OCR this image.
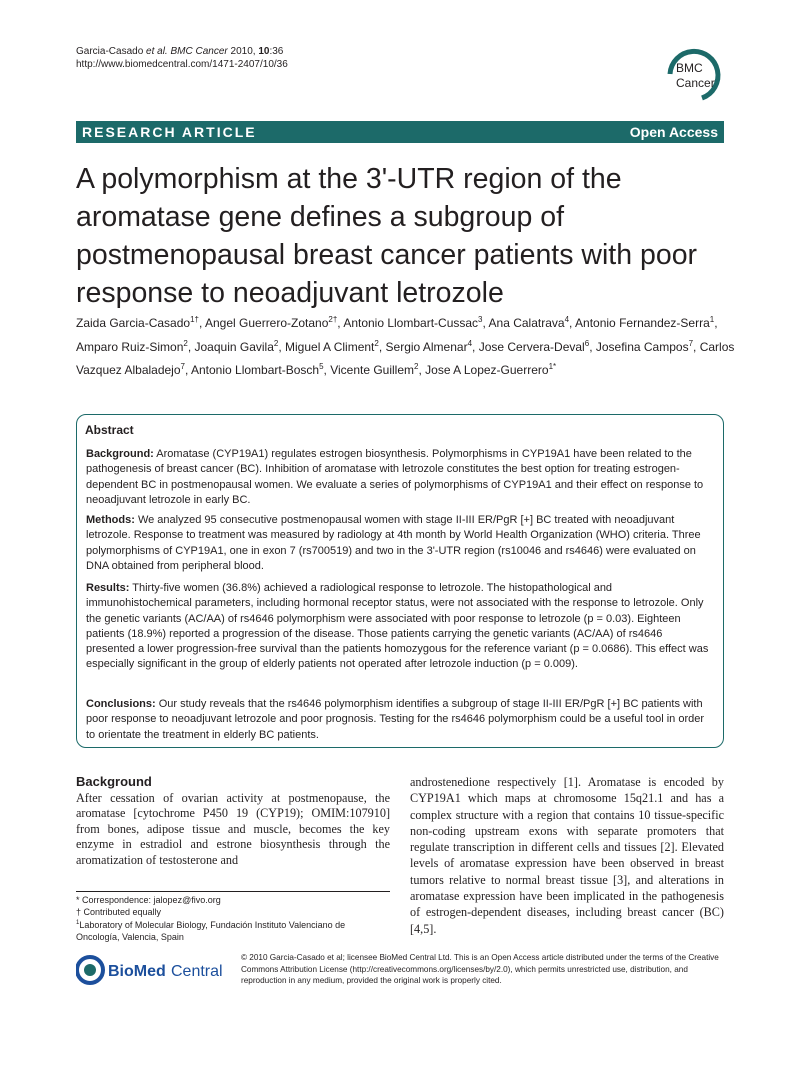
Garcia-Casado et al. BMC Cancer 2010, 10:36
http://www.biomedcentral.com/1471-2407/10/36	BMC
Cancer
RESEARCH ARTICLE	Open Access
A polymorphism at the 3'-UTR region of the aromatase gene defines a subgroup of postmenopausal breast cancer patients with poor response to neoadjuvant letrozole
Zaida Garcia-Casado$^{1\dagger}$, Angel Guerrero-Zotano$^{2\dagger}$, Antonio Llombart-Cussac$^3$, Ana Calatrava$^4$, Antonio Fernandez-Serra$^1$, Amparo Ruiz-Simon$^2$, Joaquin Gavila$^2$, Miguel A Climent$^2$, Sergio Almenar$^4$, Jose Cervera-Deval$^6$, Josefina Campos$^7$, Carlos Vazquez Albaladejo$^7$, Antonio Llombart-Bosch$^5$, Vicente Guillem$^2$, Jose A Lopez-Guerrero$^{1*}$
Abstract
Background: Aromatase (CYP19A1) regulates estrogen biosynthesis. Polymorphisms in CYP19A1 have been related to the pathogenesis of breast cancer (BC). Inhibition of aromatase with letrozole constitutes the best option for treating estrogen-dependent BC in postmenopausal women. We evaluate a series of polymorphisms of CYP19A1 and their effect on response to neoadjuvant letrozole in early BC.
Methods: We analyzed 95 consecutive postmenopausal women with stage II-III ER/PgR [+] BC treated with neoadjuvant letrozole. Response to treatment was measured by radiology at 4th month by World Health Organization (WHO) criteria. Three polymorphisms of CYP19A1, one in exon 7 (rs700519) and two in the 3'-UTR region (rs10046 and rs4646) were evaluated on DNA obtained from peripheral blood.
Results: Thirty-five women (36.8%) achieved a radiological response to letrozole. The histopathological and immunohistochemical parameters, including hormonal receptor status, were not associated with the response to letrozole. Only the genetic variants (AC/AA) of rs4646 polymorphism were associated with poor response to letrozole (p = 0.03). Eighteen patients (18.9%) reported a progression of the disease. Those patients carrying the genetic variants (AC/AA) of rs4646 presented a lower progression-free survival than the patients homozygous for the reference variant (p = 0.0686). This effect was especially significant in the group of elderly patients not operated after letrozole induction (p = 0.009).
Conclusions: Our study reveals that the rs4646 polymorphism identifies a subgroup of stage II-III ER/PgR [+] BC patients with poor response to neoadjuvant letrozole and poor prognosis. Testing for the rs4646 polymorphism could be a useful tool in order to orientate the treatment in elderly BC patients.
Background
After cessation of ovarian activity at postmenopause, the aromatase [cytochrome P450 19 (CYP19); OMIM:107910] from bones, adipose tissue and muscle, becomes the key enzyme in estradiol and estrone biosynthesis through the aromatization of testosterone and
androstenedione respectively [1]. Aromatase is encoded by CYP19A1 which maps at chromosome 15q21.1 and has a complex structure with a region that contains 10 tissue-specific non-coding upstream exons with separate promoters that regulate transcription in different cells and tissues [2]. Elevated levels of aromatase expression have been observed in breast tumors relative to normal breast tissue [3], and alterations in aromatase expression have been implicated in the pathogenesis of estrogen-dependent diseases, including breast cancer (BC) [4,5].
* Correspondence: jalopez@fivo.org
† Contributed equally
$^1$Laboratory of Molecular Biology, Fundación Instituto Valenciano de Oncología, Valencia, Spain
BioMed Central
© 2010 Garcia-Casado et al; licensee BioMed Central Ltd. This is an Open Access article distributed under the terms of the Creative Commons Attribution License (http://creativecommons.org/licenses/by/2.0), which permits unrestricted use, distribution, and reproduction in any medium, provided the original work is properly cited.
